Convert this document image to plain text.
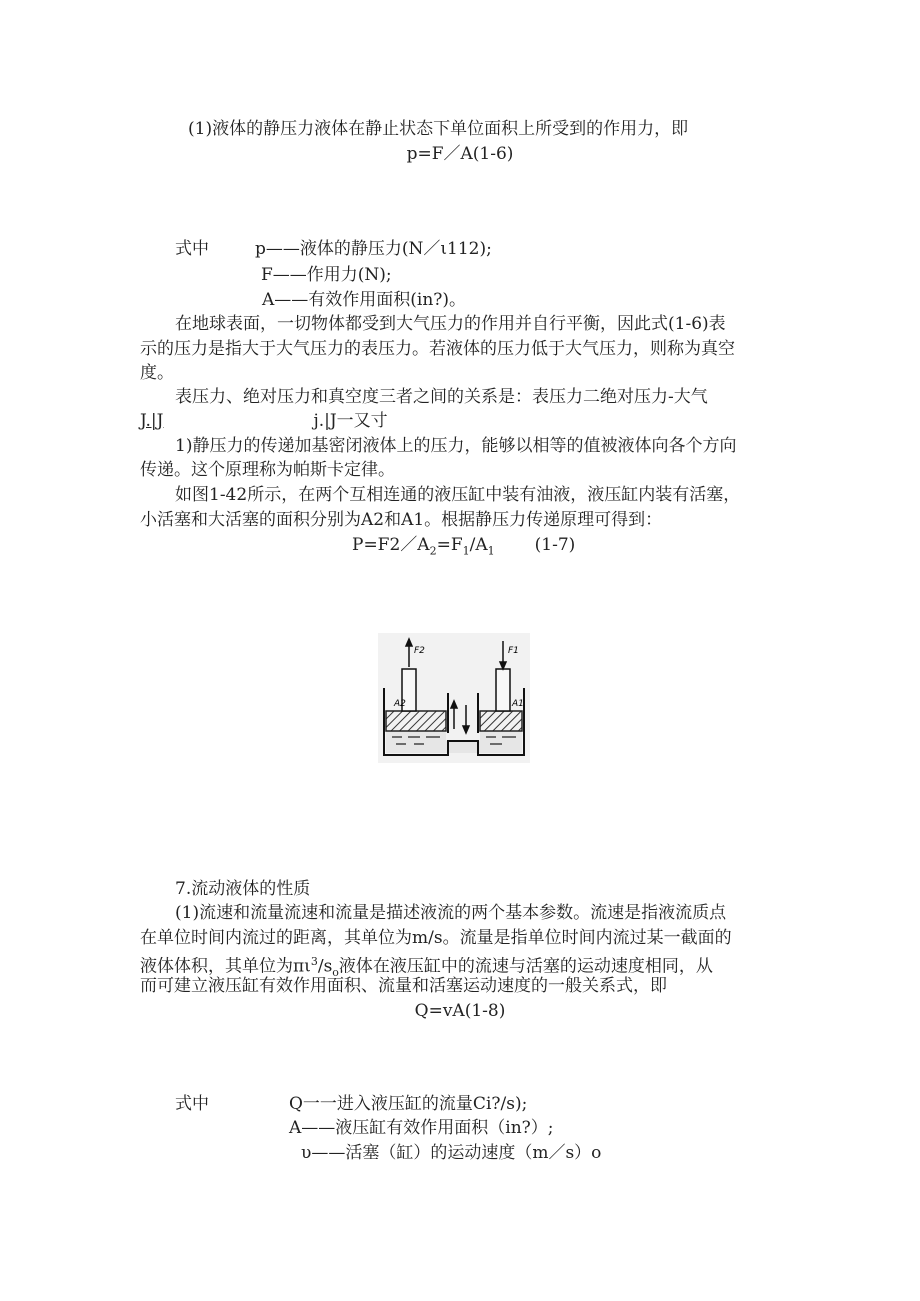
(1)液体的静压力液体在静止状态下单位面积上所受到的作用力，即
p=F／A(1-6)
式中	p——液体的静压力(N／ι112);
F——作用力(N);
A——有效作用面积(in?)。
在地球表面，一切物体都受到大气压力的作用并自行平衡，因此式(1-6)表
示的压力是指大于大气压力的表压力。若液体的压力低于大气压力，则称为真空
度。
表压力、绝对压力和真空度三者之间的关系是：表压力二绝对压力-大气
J.|J	j.|J一又寸
1)静压力的传递加基密闭液体上的压力，能够以相等的值被液体向各个方向
传递。这个原理称为帕斯卡定律。
如图1-42所示，在两个互相连通的液压缸中装有油液，液压缸内装有活塞，
小活塞和大活塞的面积分别为A2和A1。根据静压力传递原理可得到：
$P=F2/A_2=F_1/A_1$ (1-7)
F2
A2
F1
A1
7.流动液体的性质
(1)流速和流量流速和流量是描述液流的两个基本参数。流速是指液流质点
在单位时间内流过的距离，其单位为m/s。流量是指单位时间内流过某一截面的
液体体积，其单位为$\pi\iota^3/s_o$液体在液压缸中的流速与活塞的运动速度相同，从
而可建立液压缸有效作用面积、流量和活塞运动速度的一般关系式，即
Q=vA(1-8)
式中	Q一一进入液压缸的流量Ci?/s);
A——液压缸有效作用面积（in?）;
υ——活塞（缸）的运动速度（m／s）o
